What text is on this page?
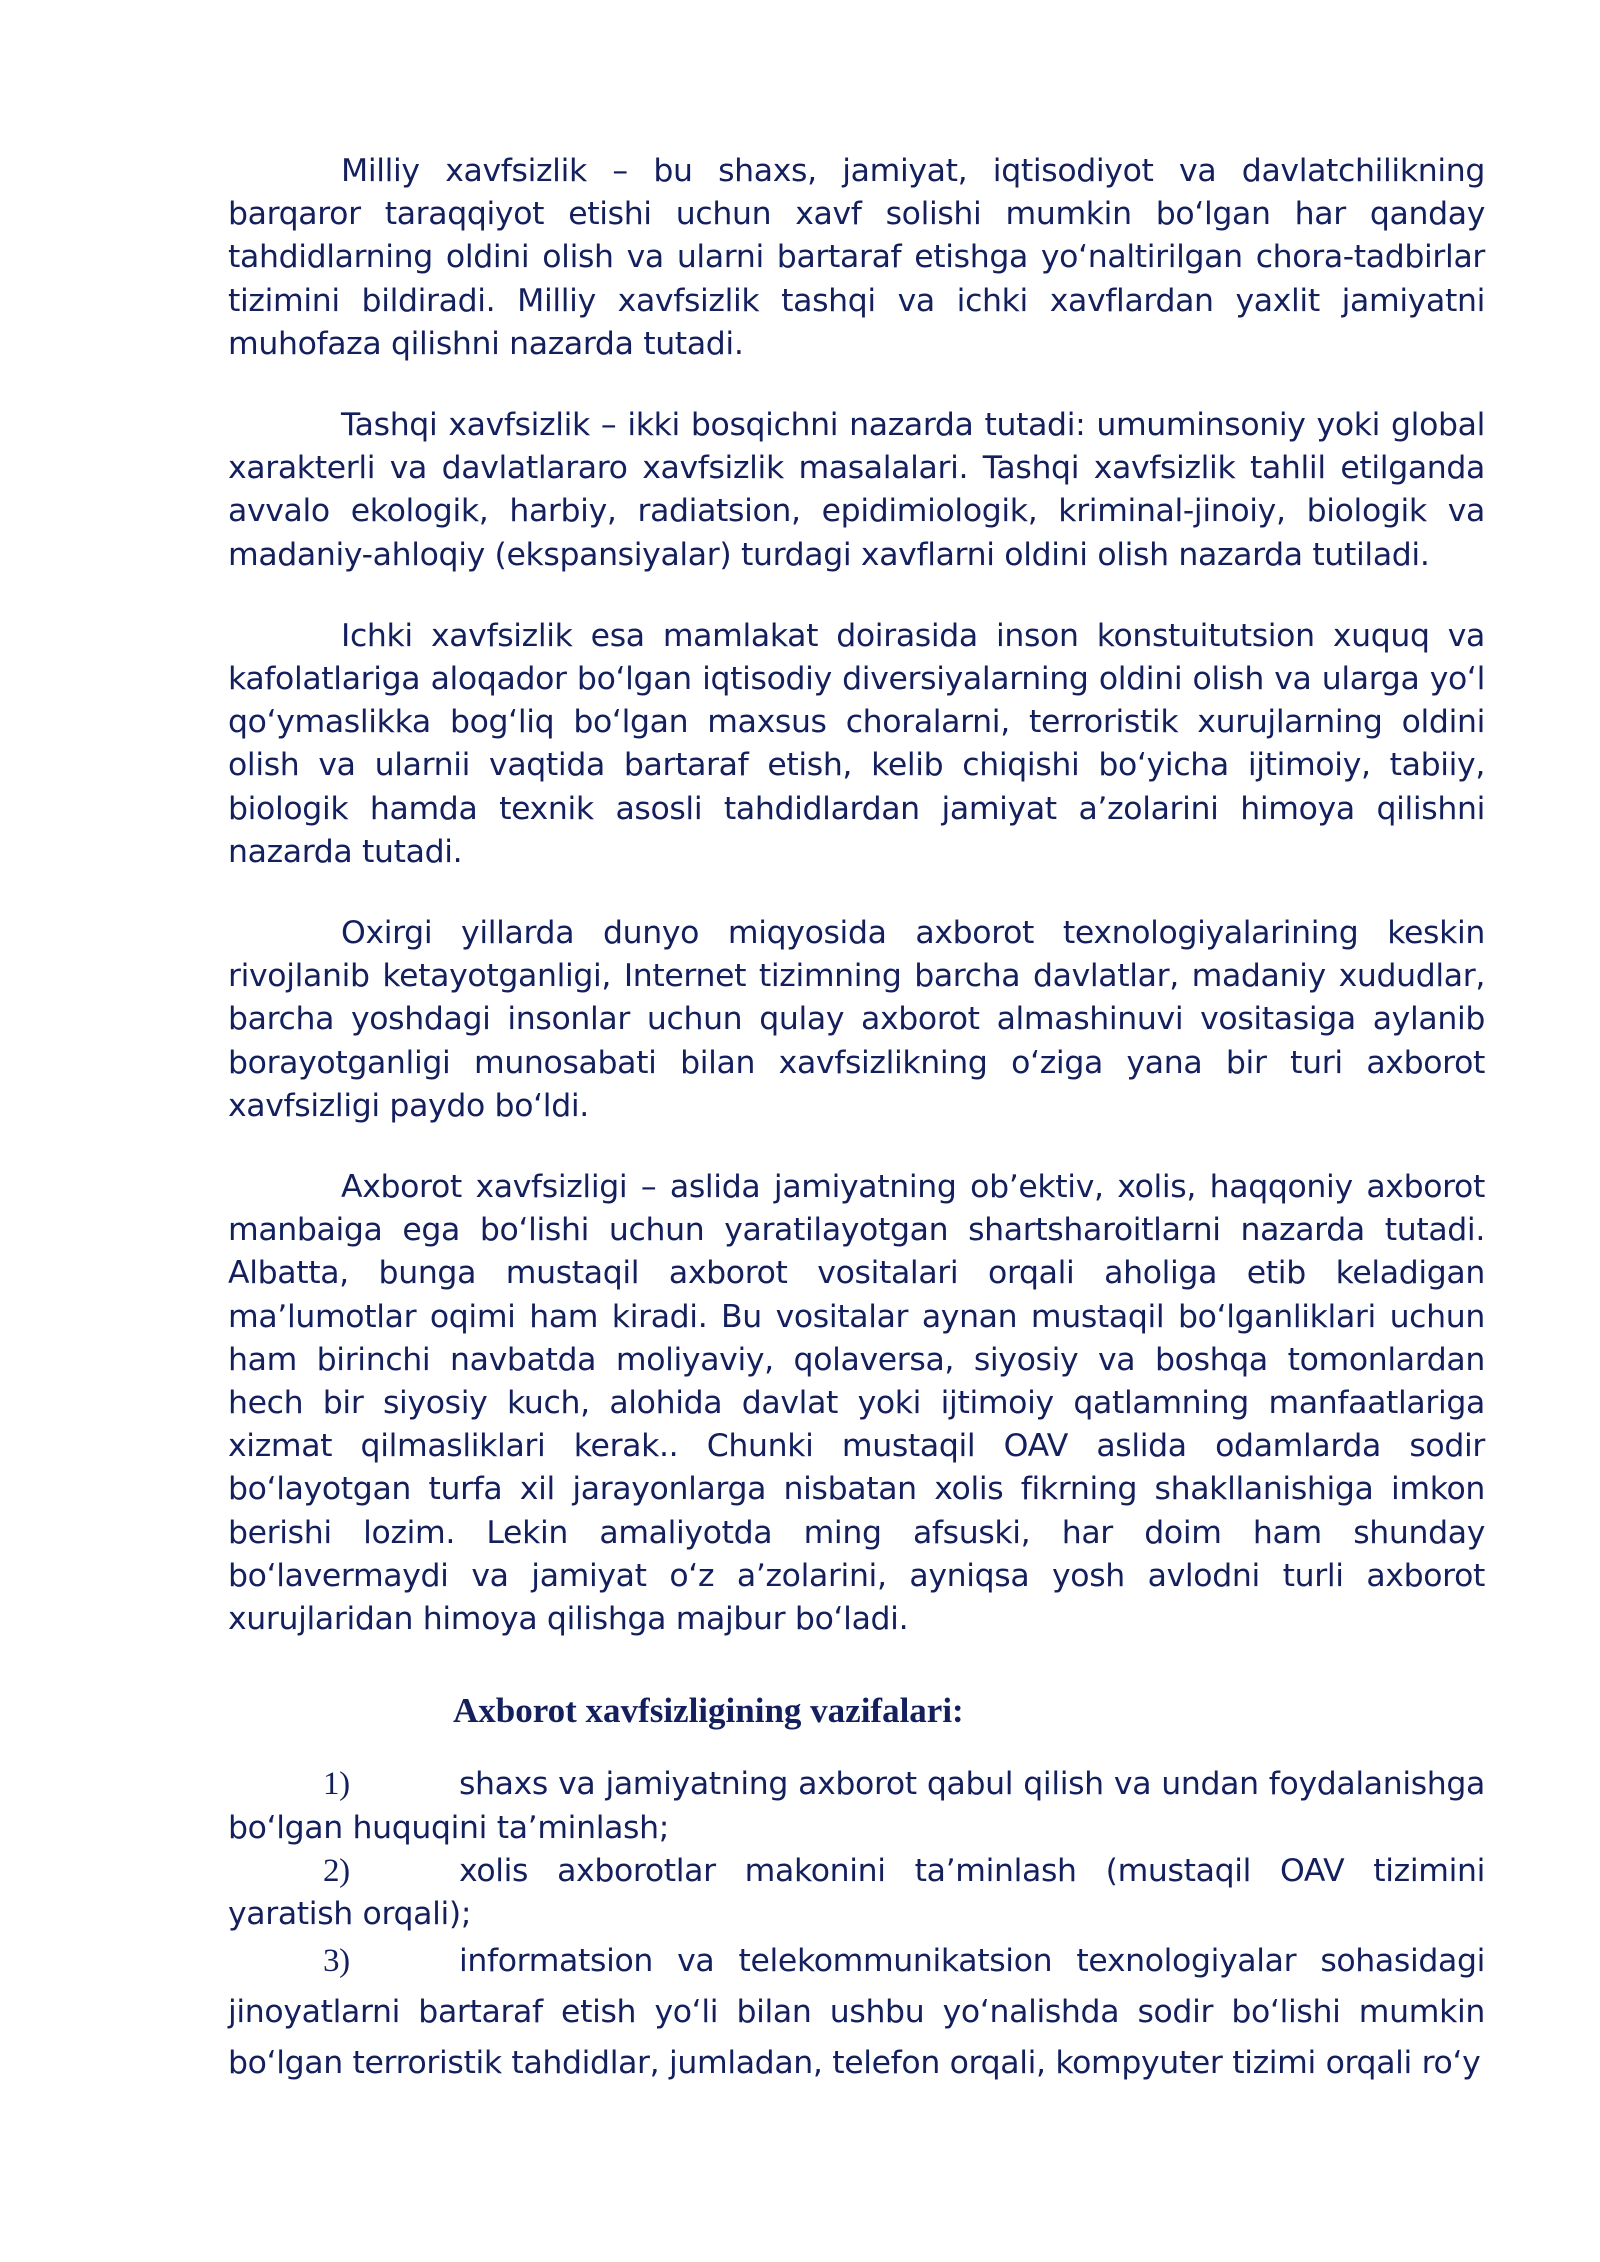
Milliy xavfsizlik – bu shaxs, jamiyat, iqtisodiyot va davlatchilikning barqaror taraqqiyot etishi uchun xavf solishi mumkin boʻlgan har qanday tahdidlarning oldini olish va ularni bartaraf etishga yoʻnaltirilgan chora-tadbirlar tizimini bildiradi. Milliy xavfsizlik tashqi va ichki xavflardan yaxlit jamiyatni muhofaza qilishni nazarda tutadi.

Tashqi xavfsizlik – ikki bosqichni nazarda tutadi: umuminsoniy yoki global xarakterli va davlatlararo xavfsizlik masalalari. Tashqi xavfsizlik tahlil etilganda avvalo ekologik, harbiy, radiatsion, epidimiologik, kriminal-jinoiy, biologik va madaniy-ahloqiy (ekspansiyalar) turdagi xavflarni oldini olish nazarda tutiladi.

Ichki xavfsizlik esa mamlakat doirasida inson konstuitutsion xuquq va kafolatlariga aloqador boʻlgan iqtisodiy diversiyalarning oldini olish va ularga yoʻl qoʻymaslikka bogʻliq boʻlgan maxsus choralarni, terroristik xurujlarning oldini olish va ularnii vaqtida bartaraf etish, kelib chiqishi boʻyicha ijtimoiy, tabiiy, biologik hamda texnik asosli tahdidlardan jamiyat aʼzolarini himoya qilishni nazarda tutadi.

Oxirgi yillarda dunyo miqyosida axborot texnologiyalarining keskin rivojlanib ketayotganligi, Internet tizimning barcha davlatlar, madaniy xududlar, barcha yoshdagi insonlar uchun qulay axborot almashinuvi vositasiga aylanib borayotganligi munosabati bilan xavfsizlikning oʻziga yana bir turi axborot xavfsizligi paydo boʻldi.

Axborot xavfsizligi – aslida jamiyatning obʼektiv, xolis, haqqoniy axborot manbaiga ega boʻlishi uchun yaratilayotgan shartsharoitlarni nazarda tutadi. Albatta, bunga mustaqil axborot vositalari orqali aholiga etib keladigan maʼlumotlar oqimi ham kiradi. Bu vositalar aynan mustaqil boʻlganliklari uchun ham birinchi navbatda moliyaviy, qolaversa, siyosiy va boshqa tomonlardan hech bir siyosiy kuch, alohida davlat yoki ijtimoiy qatlamning manfaatlariga xizmat qilmasliklari kerak.. Chunki mustaqil OAV aslida odamlarda sodir boʻlayotgan turfa xil jarayonlarga nisbatan xolis fikrning shakllanishiga imkon berishi lozim. Lekin amaliyotda ming afsuski, har doim ham shunday boʻlavermaydi va jamiyat oʻz aʼzolarini, ayniqsa yosh avlodni turli axborot xurujlaridan himoya qilishga majbur boʻladi.

Axborot xavfsizligining vazifalari:

1)	shaxs va jamiyatning axborot qabul qilish va undan foydalanishga boʻlgan huquqini taʼminlash;

2)	xolis axborotlar makonini taʼminlash (mustaqil OAV tizimini yaratish orqali);

3)	informatsion va telekommunikatsion texnologiyalar sohasidagi jinoyatlarni bartaraf etish yoʻli bilan ushbu yoʻnalishda sodir boʻlishi mumkin boʻlgan terroristik tahdidlar, jumladan, telefon orqali, kompyuter tizimi orqali roʻy
